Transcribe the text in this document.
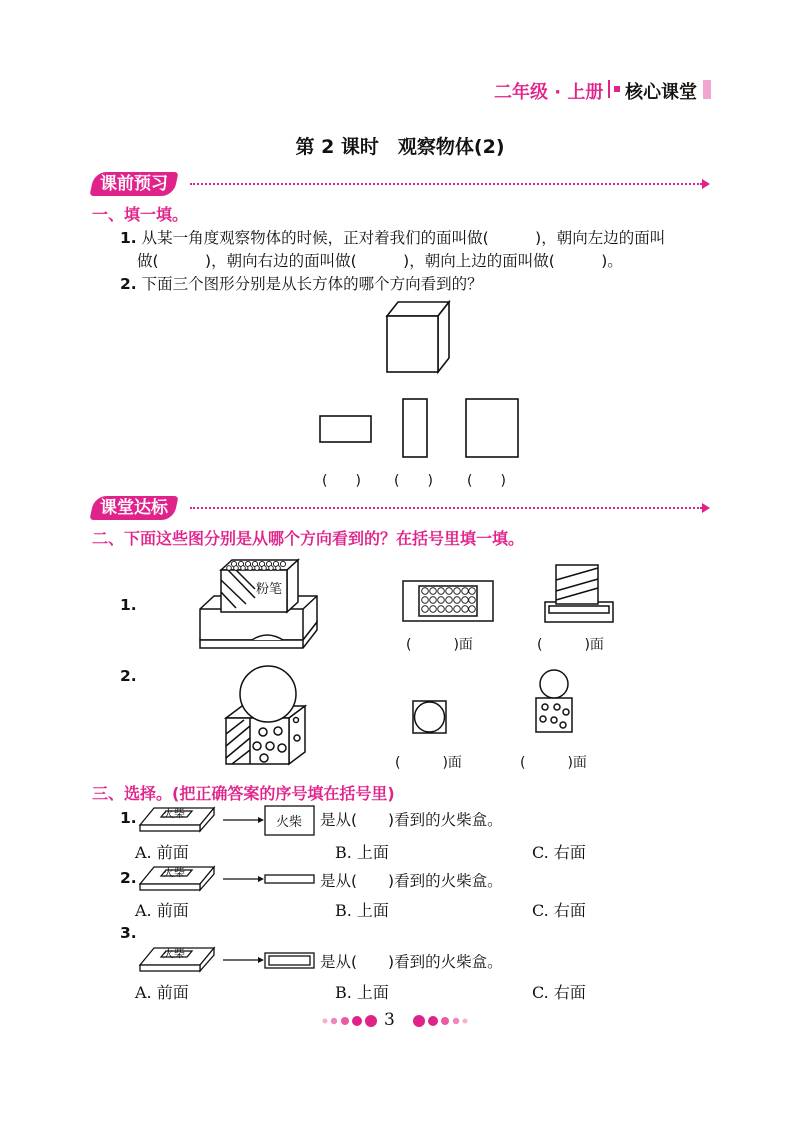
二年级 · 上册 核心课堂
第 2 课时　观察物体(2)
课前预习
一、填一填。
1. 从某一角度观察物体的时候，正对着我们的面叫做(　　　)，朝向左边的面叫
做(　　　)，朝向右边的面叫做(　　　)，朝向上边的面叫做(　　　)。
2. 下面三个图形分别是从长方体的哪个方向看到的？
(　　) (　　) (　　)
课堂达标
二、下面这些图分别是从哪个方向看到的？在括号里填一填。
1.
粉笔
(　　　)面	(　　　)面
2.
(　　　)面	(　　　)面
三、选择。(把正确答案的序号填在括号里)
1. 火柴
火柴 是从(　　)看到的火柴盒。
A. 前面	B. 上面	C. 右面
2. 火柴	是从(　　)看到的火柴盒。
A. 前面	B. 上面	C. 右面
3.
火柴	是从(　　)看到的火柴盒。
A. 前面	B. 上面	C. 右面
3
